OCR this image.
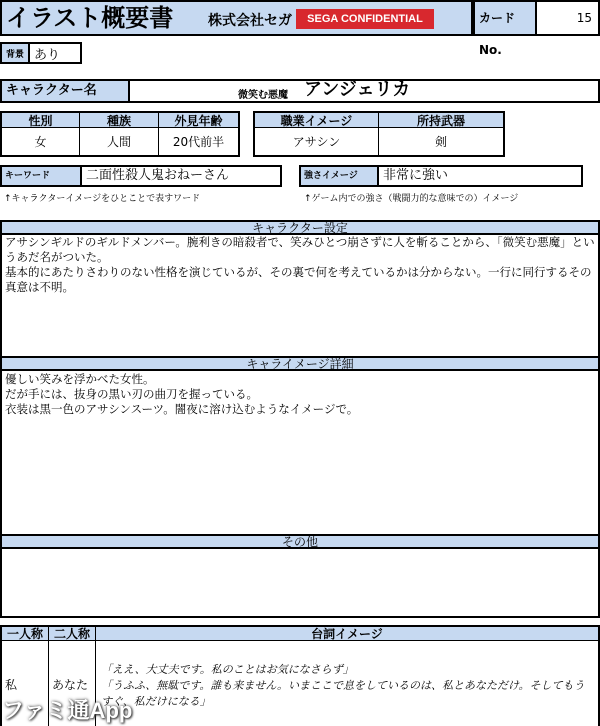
イラスト概要書 株式会社セガ	SEGA CONFIDENTIAL	カードNo.
15
背景 あり
キャラクター名	微笑む悪魔 アンジェリカ
性別	種族	外見年齢
女	人間	20代前半
職業イメージ	所持武器
アサシン	剣
キーワード	二面性殺人鬼おねーさん
↑キャラクターイメージをひとことで表すワード
強さイメージ	非常に強い
↑ゲーム内での強さ（戦闘力的な意味での）イメージ
キャラクター設定
アサシンギルドのギルドメンバー。腕利きの暗殺者で、笑みひとつ崩さずに人を斬ることから、「微笑む悪魔」というあだ名がついた。
基本的にあたりさわりのない性格を演じているが、その裏で何を考えているかは分からない。一行に同行するその真意は不明。
キャライメージ詳細
優しい笑みを浮かべた女性。
だが手には、抜身の黒い刃の曲刀を握っている。
衣装は黒一色のアサシンスーツ。闇夜に溶け込むようなイメージで。
その他
一人称 二人称	台詞イメージ
私	あなた
「ええ、大丈夫です。私のことはお気になさらず」
「うふふ、無駄です。誰も来ません。いまここで息をしているのは、私とあなただけ。そしてもうすぐ、私だけになる」
ファミ通App
